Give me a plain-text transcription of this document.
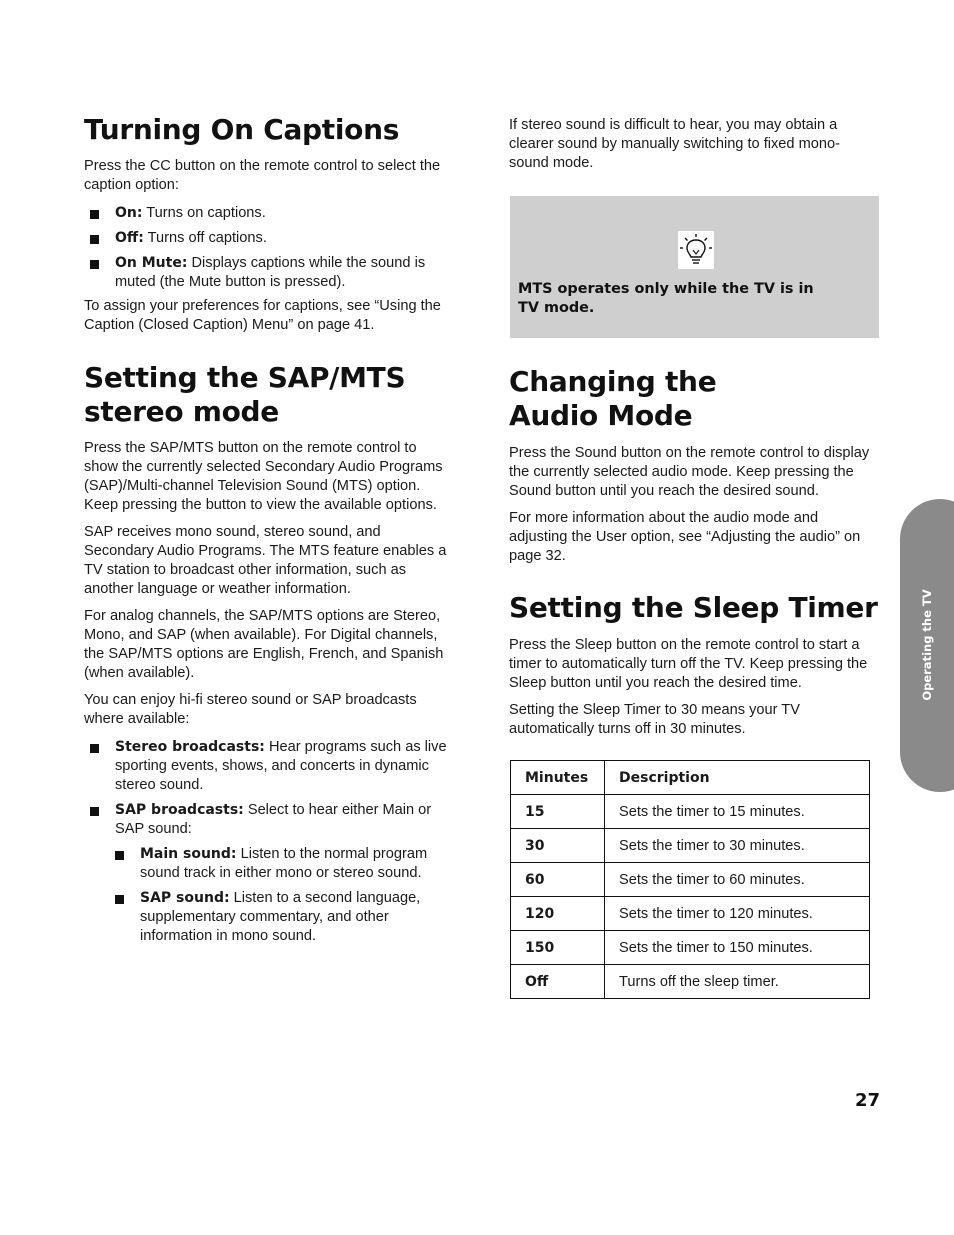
Turning On Captions

Press the CC button on the remote control to select the caption option:

On: Turns on captions.
Off: Turns off captions.
On Mute: Displays captions while the sound is muted (the Mute button is pressed).

To assign your preferences for captions, see “Using the Caption (Closed Caption) Menu” on page 41.

Setting the SAP/MTS
stereo mode

Press the SAP/MTS button on the remote control to show the currently selected Secondary Audio Programs (SAP)/Multi-channel Television Sound (MTS) option. Keep pressing the button to view the available options.

SAP receives mono sound, stereo sound, and Secondary Audio Programs. The MTS feature enables a TV station to broadcast other information, such as another language or weather information.

For analog channels, the SAP/MTS options are Stereo, Mono, and SAP (when available). For Digital channels, the SAP/MTS options are English, French, and Spanish (when available).

You can enjoy hi-fi stereo sound or SAP broadcasts where available:

Stereo broadcasts: Hear programs such as live sporting events, shows, and concerts in dynamic stereo sound.
SAP broadcasts: Select to hear either Main or SAP sound:
Main sound: Listen to the normal program sound track in either mono or stereo sound.
SAP sound: Listen to a second language, supplementary commentary, and other information in mono sound.

If stereo sound is difficult to hear, you may obtain a clearer sound by manually switching to fixed mono-sound mode.

MTS operates only while the TV is in
TV mode.
Changing the
Audio Mode

Press the Sound button on the remote control to display the currently selected audio mode. Keep pressing the Sound button until you reach the desired sound.

For more information about the audio mode and adjusting the User option, see “Adjusting the audio” on page 32.

Setting the Sleep Timer

Press the Sleep button on the remote control to start a timer to automatically turn off the TV. Keep pressing the Sleep button until you reach the desired time.

Setting the Sleep Timer to 30 means your TV automatically turns off in 30 minutes.

Minutes	Description
15	Sets the timer to 15 minutes.
30	Sets the timer to 30 minutes.
60	Sets the timer to 60 minutes.
120	Sets the timer to 120 minutes.
150	Sets the timer to 150 minutes.
Off	Turns off the sleep timer.
Operating the TV
27
